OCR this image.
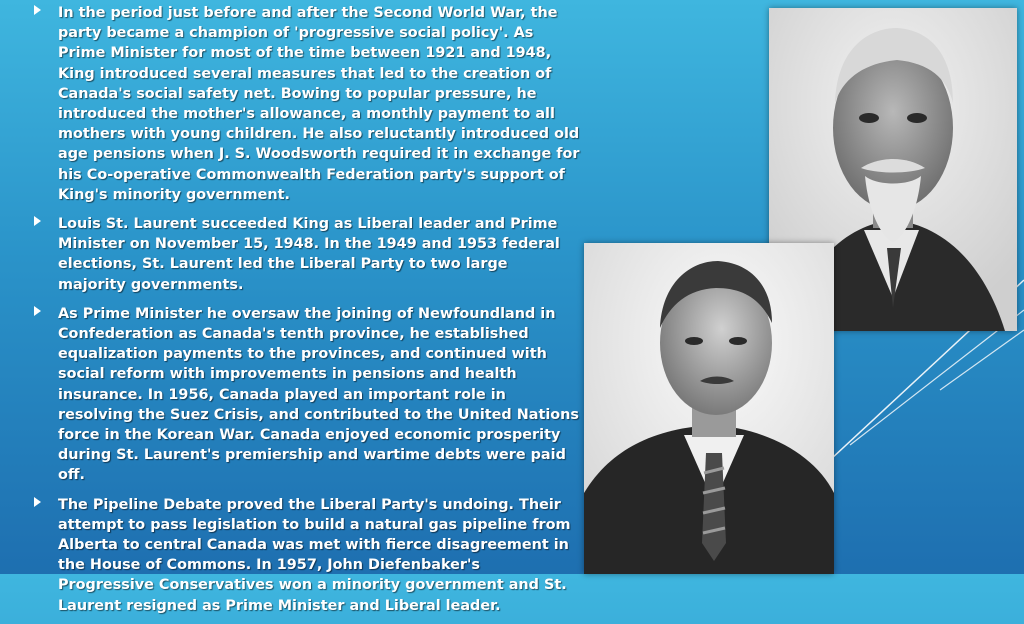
In the period just before and after the Second World War, the party became a champion of 'progressive social policy'. As Prime Minister for most of the time between 1921 and 1948, King introduced several measures that led to the creation of Canada's social safety net. Bowing to popular pressure, he introduced the mother's allowance, a monthly payment to all mothers with young children. He also reluctantly introduced old age pensions when J. S. Woodsworth required it in exchange for his Co-operative Commonwealth Federation party's support of King's minority government.
Louis St. Laurent succeeded King as Liberal leader and Prime Minister on November 15, 1948. In the 1949 and 1953 federal elections, St. Laurent led the Liberal Party to two large majority governments.
As Prime Minister he oversaw the joining of Newfoundland in Confederation as Canada's tenth province, he established equalization payments to the provinces, and continued with social reform with improvements in pensions and health insurance. In 1956, Canada played an important role in resolving the Suez Crisis, and contributed to the United Nations force in the Korean War. Canada enjoyed economic prosperity during St. Laurent's premiership and wartime debts were paid off.
The Pipeline Debate proved the Liberal Party's undoing. Their attempt to pass legislation to build a natural gas pipeline from Alberta to central Canada was met with fierce disagreement in the House of Commons. In 1957, John Diefenbaker's Progressive Conservatives won a minority government and St. Laurent resigned as Prime Minister and Liberal leader.
